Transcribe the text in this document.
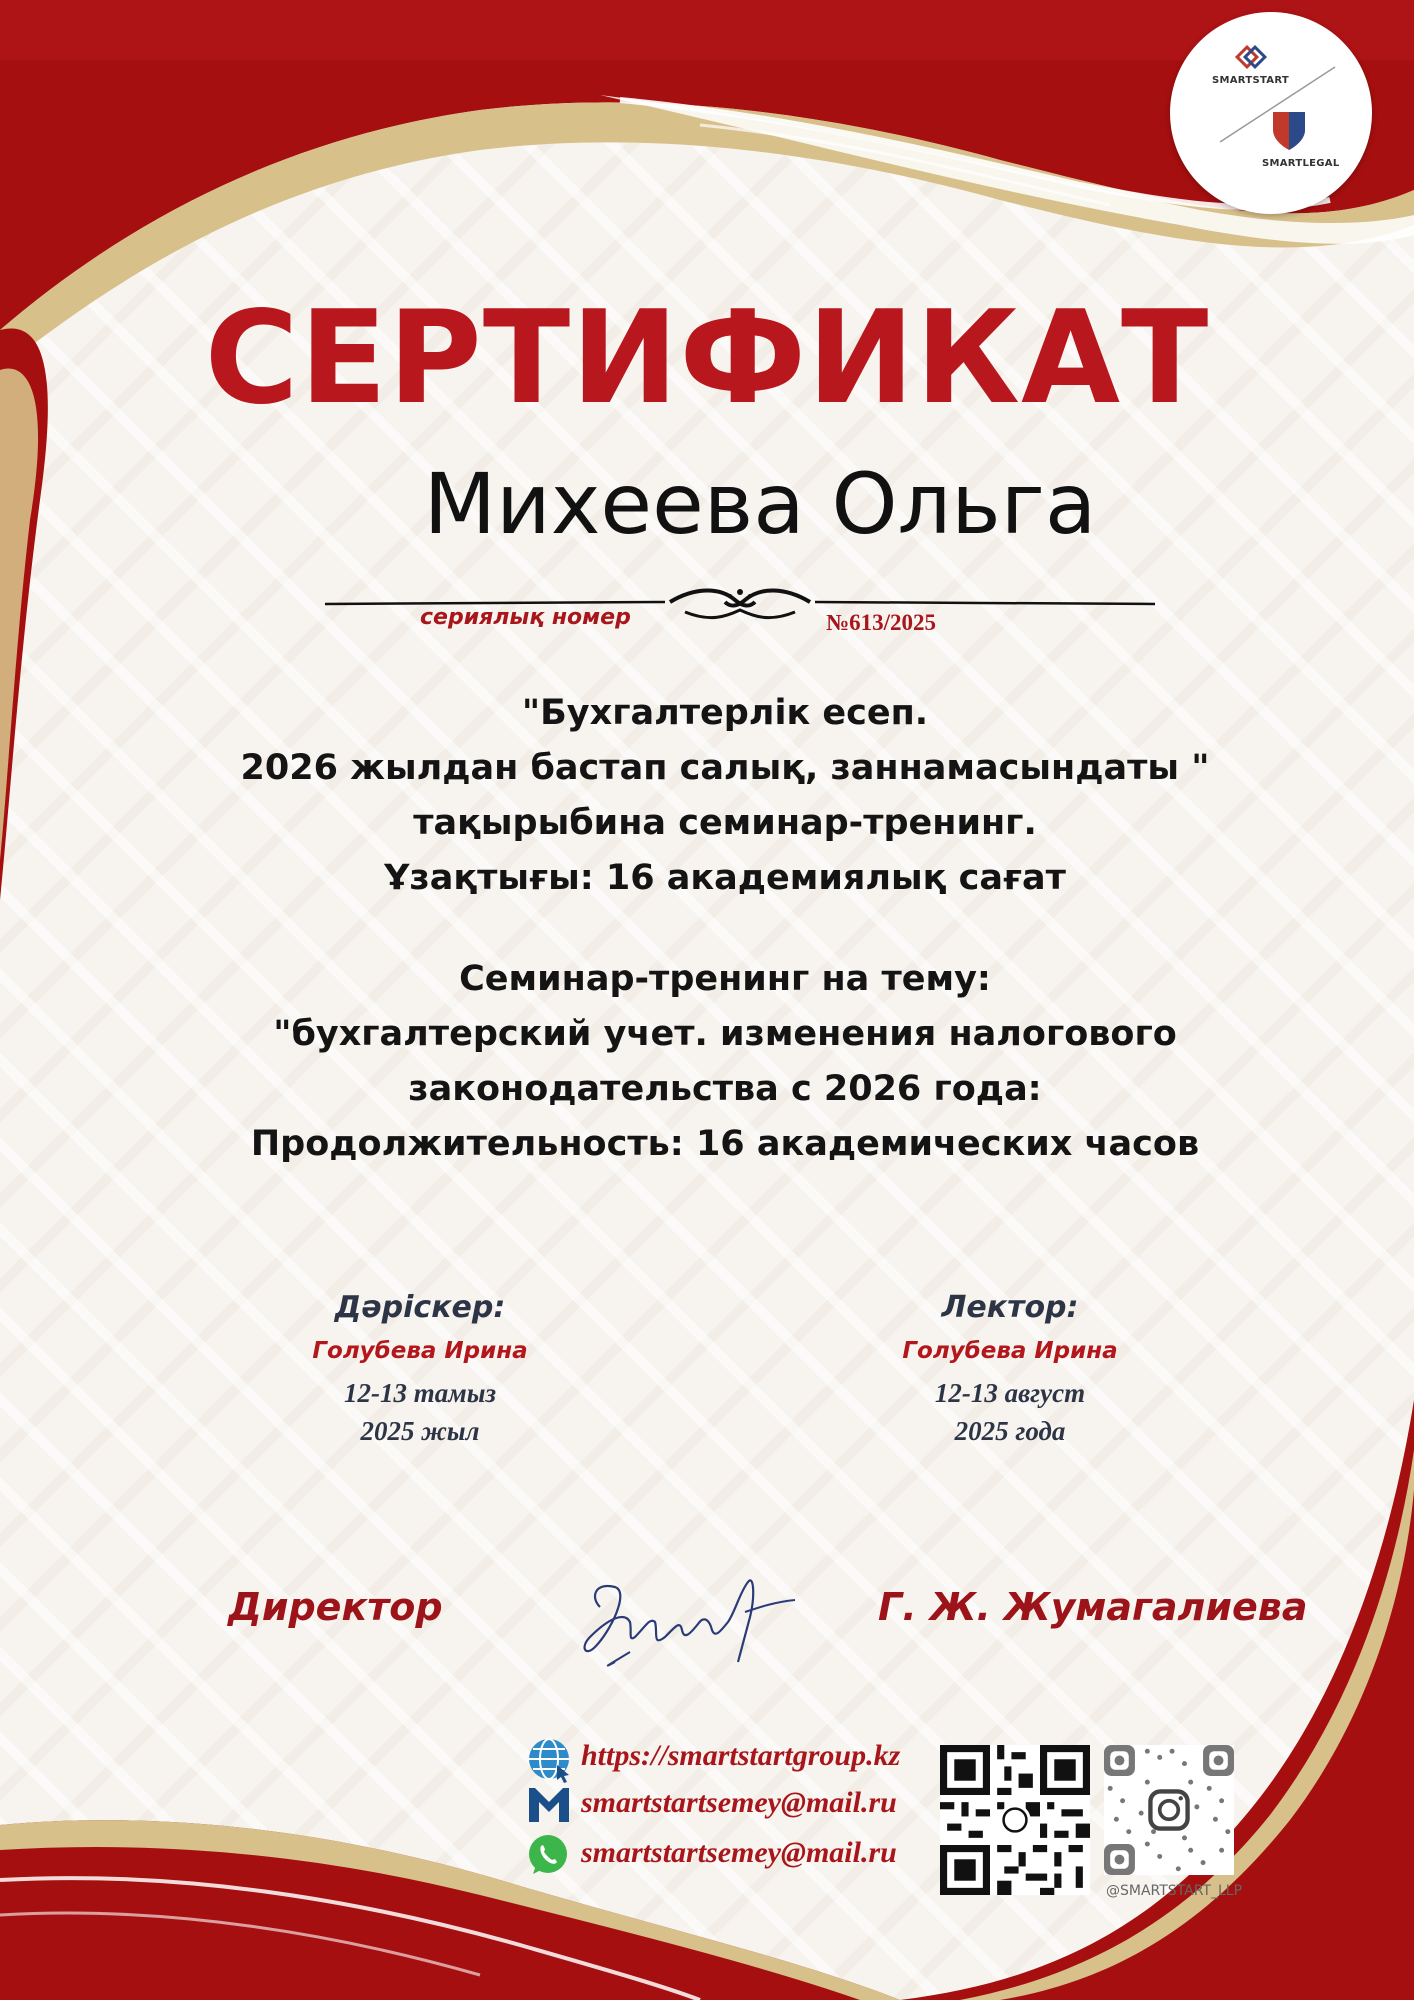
SMARTSTART
SMARTLEGAL
СЕРТИФИКАТ
Михеева Ольга
сериялық номер	№613/2025
"Бухгалтерлік есеп.
2026 жылдан бастап салық, заннамасындаты "
тақырыбина семинар-тренинг.
Ұзақтығы: 16 академиялық сағат
Семинар-тренинг на тему:
"бухгалтерский учет. изменения налогового
законодательства с 2026 года:
Продолжительность: 16 академических часов
Дәріскер:
Голубева Ирина
12-13 тамыз
2025 жыл
Лектор:
Голубева Ирина
12-13 август
2025 года
Директор	Г. Ж. Жумагалиева
https://smartstartgroup.kz
smartstartsemey@mail.ru
smartstartsemey@mail.ru
@SMARTSTART_LLP
